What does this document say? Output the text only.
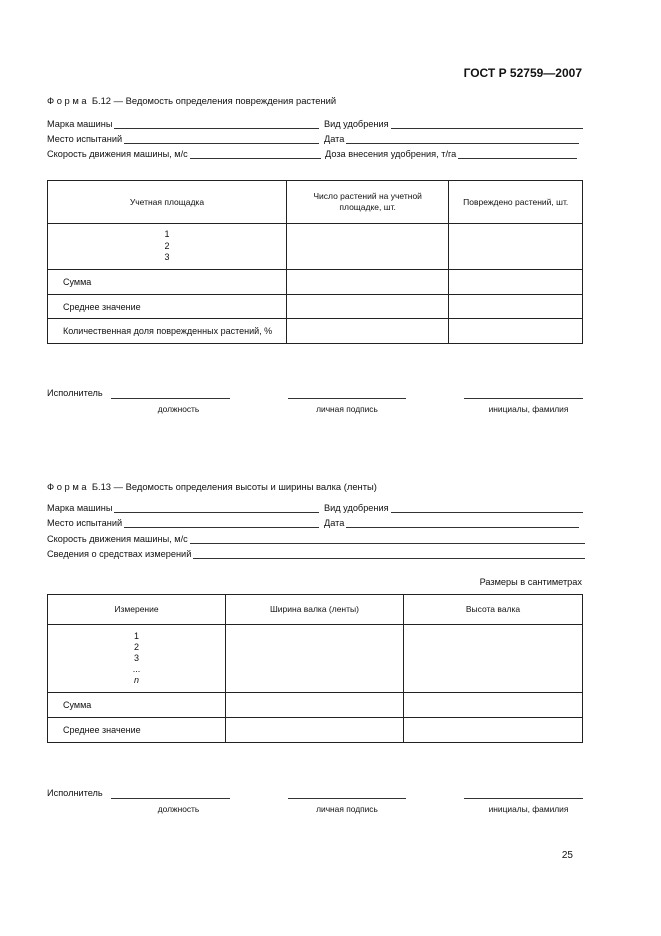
ГОСТ Р 52759—2007
Форма Б.12 — Ведомость определения повреждения растений
Марка машины	Вид удобрения
Место испытаний	Дата
Скорость движения машины, м/с	Доза внесения удобрения, т/га
Учетная площадка	Число растений на учетной площадке, шт.	Повреждено растений, шт.

1
2
3		

Сумма		
Среднее значение		
Количественная доля поврежденных растений, %		
Исполнитель
должность	личная подпись	инициалы, фамилия
Форма Б.13 — Ведомость определения высоты и ширины валка (ленты)
Марка машины	Вид удобрения
Место испытаний	Дата
Скорость движения машины, м/с
Сведения о средствах измерений
Размеры в сантиметрах
Измерение	Ширина валка (ленты)	Высота валка

1
2
3
...
n		

Сумма		
Среднее значение		
Исполнитель
должность	личная подпись	инициалы, фамилия
25
